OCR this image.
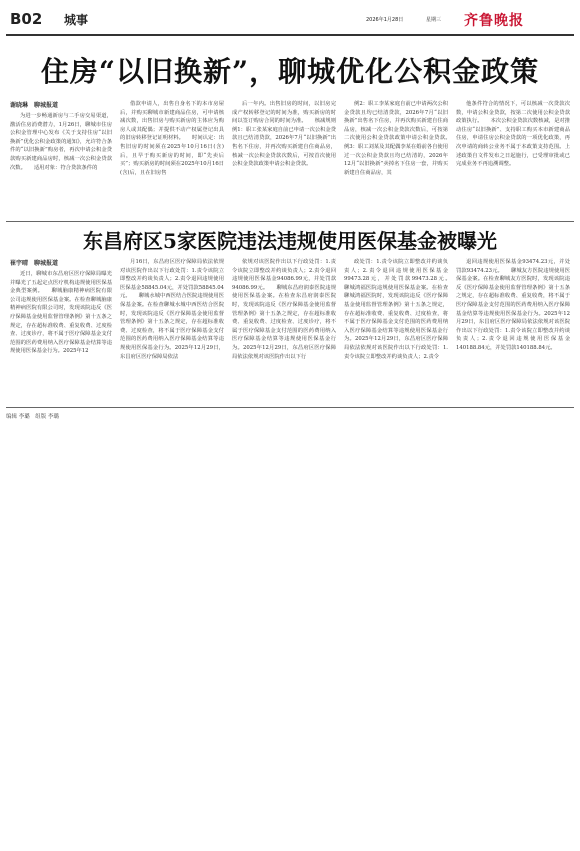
B02 城事	2026年1月28日	星期三 齐鲁晚报
住房“以旧换新”，聊城优化公积金政策
谢晓琳　聊城报道

为进一步畅通新房与二手房交易渠道，激活住房消费潜力，1月26日，聊城市住房公积金管理中心发布《关于支持住房“以旧换新”优化公积金政策的通知》，允许符合条件的“以旧换新”购房者，再次申请公积金贷款购买新建商品房时，核减一次公积金贷款次数。　　适用对象：符合贷款条件的

借款申请人，出售自身名下的本市房屋后，并购买聊城市新建商品住房，可申请核减次数，出售旧房与购买新房的主体应为购房人或其配偶；并提供不动产权属登记出具的旧房转移登记证明材料。　　时间认定：出售旧房的时间须在2025年10月16日(含)后，且早于购买新房的时间，即“先卖后买”；购买新房的时间须在2025年10月16日(含)后，且在旧房售

后一年内。出售旧房的时间，以旧房完成产权转移登记的时间为准，购买新房的时间以签订购房合同的时间为准。　　核减规则　　例1：职工张某家庭自前已申请一次公积金贷款且已结清贷款，2026年7月“以旧换新”出售名下住房，并再次购买新建自住商品房，核减一次公积金贷款次数后，可按首次使用公积金贷款政策申请公积金贷款。

例2：职工李某家庭自前已申请两次公积金贷款且均已结清贷款，2026年7月“以旧换新”出售名下住房，并再次购买新建自住商品房，核减一次公积金贷款次数后，可按第二次使用公积金贷款政策申请公积金贷款。　　例3：职工刘某及其配偶李某在婚前各自使用过一次公积金贷款且均已结清的，2026年12月“以旧换新”卖掉名下住房一套，并购买新建自住商品房，其

他条件符合的情况下，可以核减一次贷款次数，申请公积金贷款，按第二次使用公积金贷款政策执行。　　本次公积金贷款次数核减，是对推动住房“以旧换新”、支持职工购买本市新建商品住房，申请住房公积金贷款的一项优化政策，再次申请的商转公业务不属于本政策支持范围。上述政策自文件发布之日起施行，已受理审批或已完成业务不再追溯调整。

东昌府区5家医院违法违规使用医保基金被曝光
崔宇晴　聊城报道

近日，聊城市东昌府区医疗保障局曝光并曝光了五起定点医疗机构违规使用医保基金典型案例。　　聊城脑康精神病医院有限公司违规使用医保基金案。在检查聊城脑康精神病医院有限公司时，发现该院违反《医疗保障基金使用监督管理条例》第十五条之规定，存在超标准收费、重复收费、过度检查、过度诊疗，将不属于医疗保障基金支付范围的医药费用纳入医疗保障基金结算等违规使用医保基金行为。2025年12

月16日，东昌府区医疗保障局依法依规对该医院作出以下行政处罚：1.责令该院立即整改并约谈负责人；2.责令退回违规使用医保基金58845.04元，并处罚款58845.04元。　　聊城水城中西医结合医院违规使用医保基金案。在检查聊城水城中西医结合医院时，发现该院违反《医疗保障基金使用监督管理条例》第十五条之规定，存在超标准收费、过度检查，将不属于医疗保障基金支付范围的医药费用纳入医疗保障基金结算等违规使用医保基金行为。2025年12月29日，东昌府区医疗保障局依法

依规对该医院作出以下行政处罚：1.责令该院立即整改并约谈负责人；2.责令退回违规使用医保基金94086.99元，并处罚款94086.99元。　　聊城东昌府润泰医院违规使用医保基金案。在检查东昌府润泰医院时，发现该院违反《医疗保障基金使用监督管理条例》第十五条之规定，存在超标准收费、重复收费、过度检查、过度诊疗，将不属于医疗保障基金支付范围的医药费用纳入医疗保障基金结算等违规使用医保基金行为。2025年12月29日，东昌府区医疗保障局依法依规对该医院作出以下行

政处罚：1.责令该院立即整改并约谈负责人；2.责令退回违规使用医保基金99473.28元，并处罚款99473.28元。　　聊城鸿福医院违规使用医保基金案。在检查聊城鸿福医院时，发现该院违反《医疗保障基金使用监督管理条例》第十五条之规定，存在超标准收费、重复收费、过度检查，将不属于医疗保障基金支付范围的医药费用纳入医疗保障基金结算等违规使用医保基金行为。2025年12月29日，东昌府区医疗保障局依法依规对该医院作出以下行政处罚：1.责令该院立即整改并约谈负责人；2.责令

退回违规使用医保基金93474.23元，并处罚款93474.23元。　　聊城友方医院违规使用医保基金案。在检查聊城友方医院时，发现该院违反《医疗保障基金使用监督管理条例》第十五条之规定，存在超标准收费、重复收费，将不属于医疗保障基金支付范围的医药费用纳入医疗保障基金结算等违规使用医保基金行为。2025年12月29日，东昌府区医疗保障局依法依规对该医院作出以下行政处罚：1.责令该院立即整改并约谈负责人；2.责令退回违规使用医保基金140188.84元，并处罚款140188.84元。

编辑 李璐　组版 李璐
